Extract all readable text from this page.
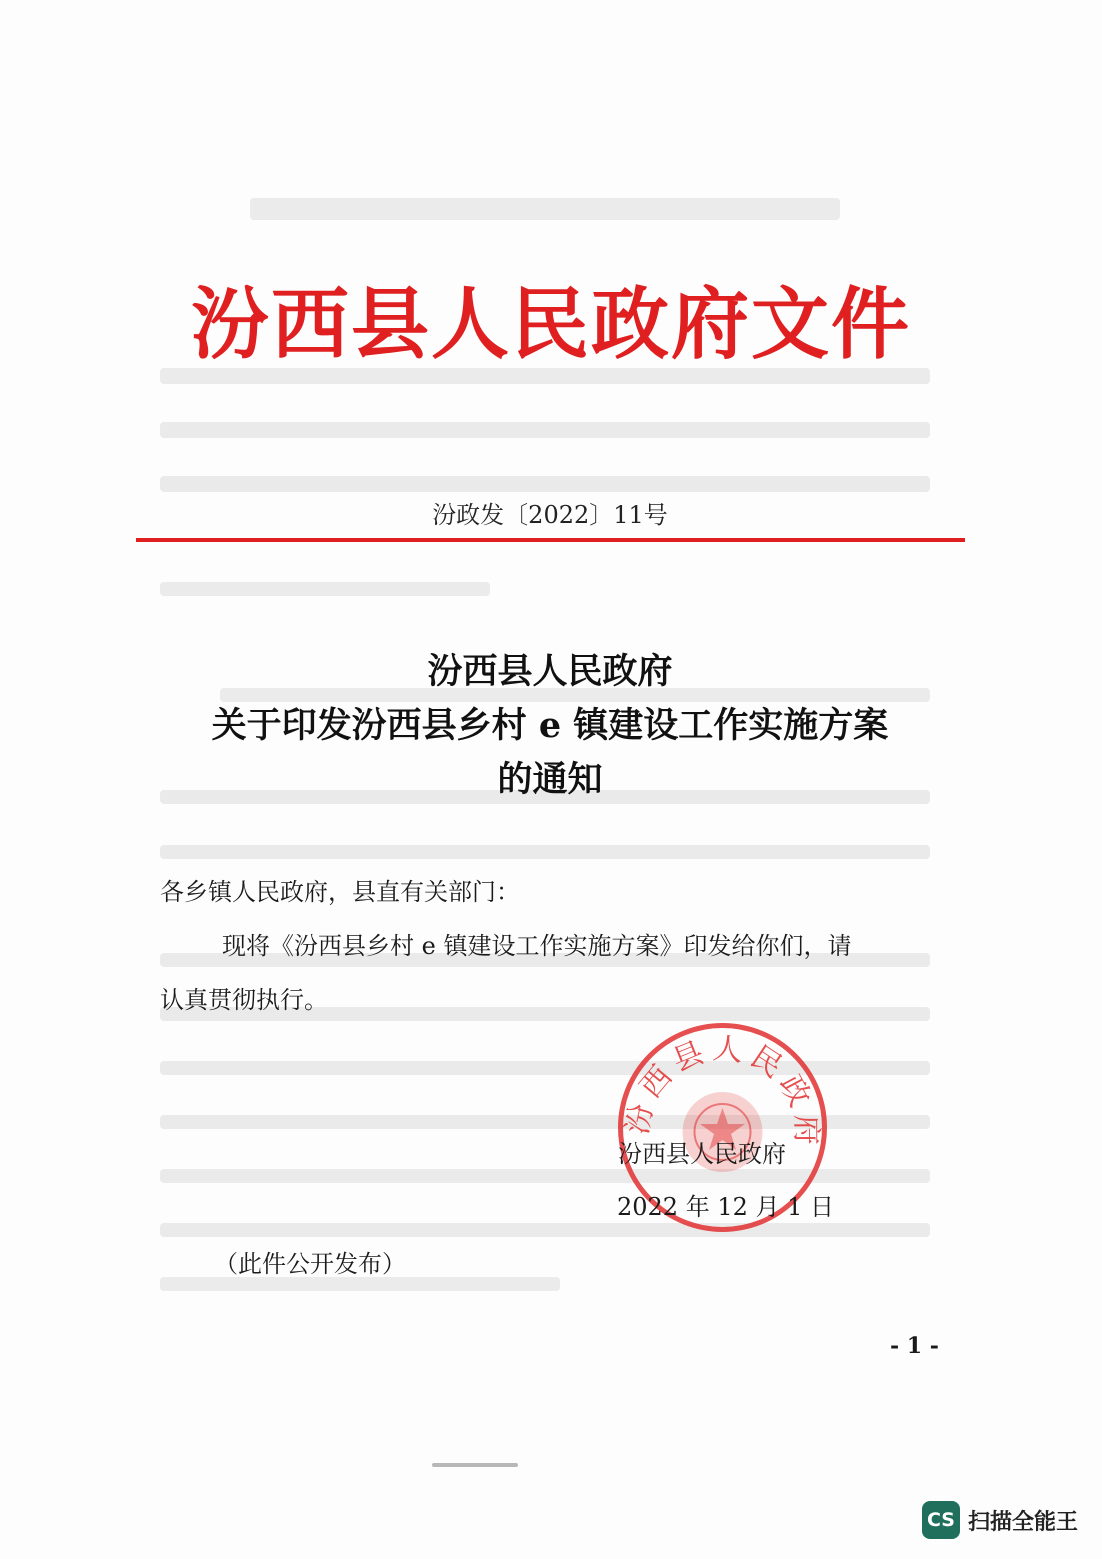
汾西县人民政府文件
汾政发〔2022〕11号
汾西县人民政府
关于印发汾西县乡村 e 镇建设工作实施方案
的通知
各乡镇人民政府，县直有关部门：
现将《汾西县乡村 e 镇建设工作实施方案》印发给你们，请
认真贯彻执行。
汾西县人民政府
汾西县人民政府
2022 年 12 月 1 日
（此件公开发布）
- 1 -
CS 扫描全能王
